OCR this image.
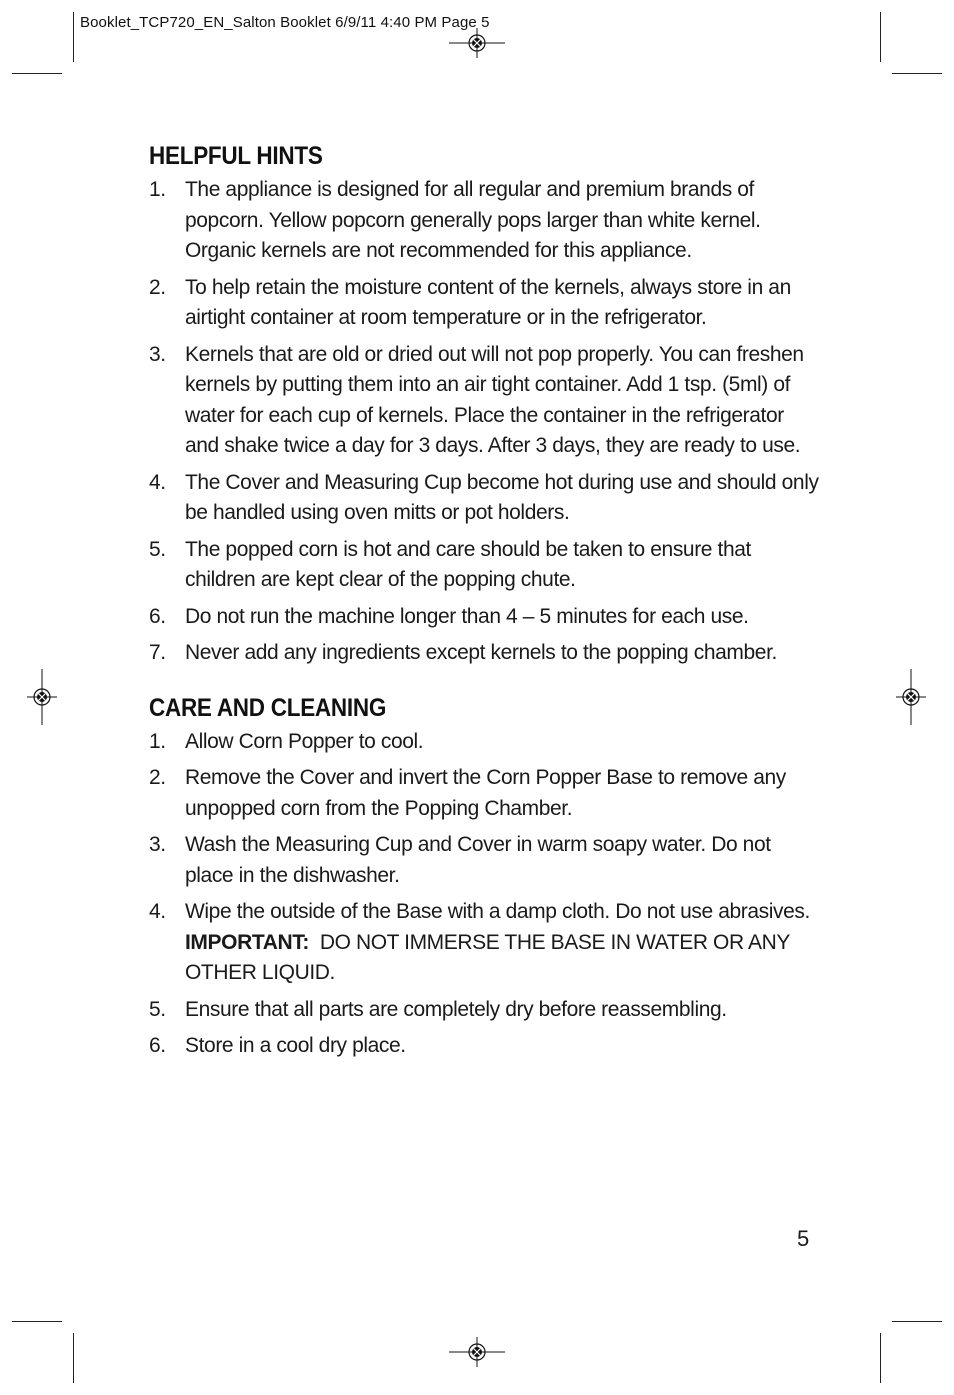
Booklet_TCP720_EN_Salton Booklet 6/9/11 4:40 PM Page 5
HELPFUL HINTS
1. The appliance is designed for all regular and premium brands of popcorn. Yellow popcorn generally pops larger than white kernel. Organic kernels are not recommended for this appliance.
2. To help retain the moisture content of the kernels, always store in an airtight container at room temperature or in the refrigerator.
3. Kernels that are old or dried out will not pop properly. You can freshen kernels by putting them into an air tight container. Add 1 tsp. (5ml) of water for each cup of kernels. Place the container in the refrigerator and shake twice a day for 3 days. After 3 days, they are ready to use.
4. The Cover and Measuring Cup become hot during use and should only be handled using oven mitts or pot holders.
5. The popped corn is hot and care should be taken to ensure that children are kept clear of the popping chute.
6. Do not run the machine longer than 4 – 5 minutes for each use.
7. Never add any ingredients except kernels to the popping chamber.
CARE AND CLEANING
1. Allow Corn Popper to cool.
2. Remove the Cover and invert the Corn Popper Base to remove any unpopped corn from the Popping Chamber.
3. Wash the Measuring Cup and Cover in warm soapy water. Do not place in the dishwasher.
4. Wipe the outside of the Base with a damp cloth. Do not use abrasives.
IMPORTANT: DO NOT IMMERSE THE BASE IN WATER OR ANY OTHER LIQUID.
5. Ensure that all parts are completely dry before reassembling.
6. Store in a cool dry place.
5
